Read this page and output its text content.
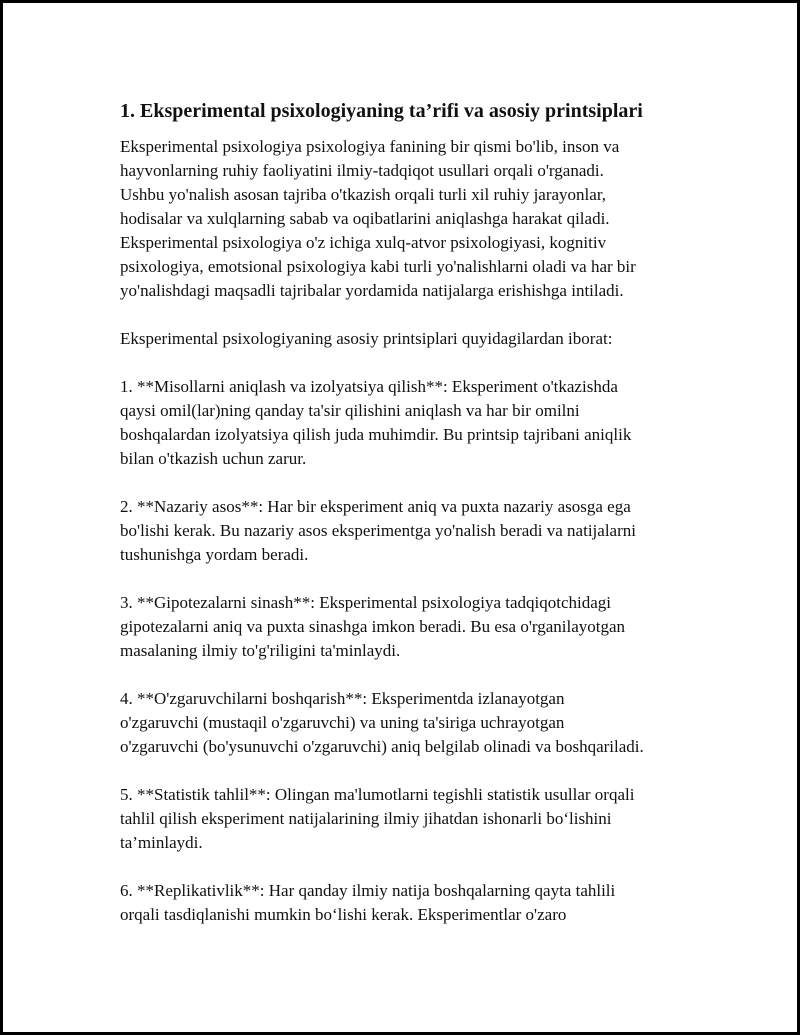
1. Eksperimental psixologiyaning ta’rifi va asosiy printsiplari

Eksperimental psixologiya psixologiya fanining bir qismi bo'lib, inson va
hayvonlarning ruhiy faoliyatini ilmiy-tadqiqot usullari orqali o'rganadi.
Ushbu yo'nalish asosan tajriba o'tkazish orqali turli xil ruhiy jarayonlar,
hodisalar va xulqlarning sabab va oqibatlarini aniqlashga harakat qiladi.
Eksperimental psixologiya o'z ichiga xulq-atvor psixologiyasi, kognitiv
psixologiya, emotsional psixologiya kabi turli yo'nalishlarni oladi va har bir
yo'nalishdagi maqsadli tajribalar yordamida natijalarga erishishga intiladi.

Eksperimental psixologiyaning asosiy printsiplari quyidagilardan iborat:

1. **Misollarni aniqlash va izolyatsiya qilish**: Eksperiment o'tkazishda
qaysi omil(lar)ning qanday ta'sir qilishini aniqlash va har bir omilni
boshqalardan izolyatsiya qilish juda muhimdir. Bu printsip tajribani aniqlik
bilan o'tkazish uchun zarur.

2. **Nazariy asos**: Har bir eksperiment aniq va puxta nazariy asosga ega
bo'lishi kerak. Bu nazariy asos eksperimentga yo'nalish beradi va natijalarni
tushunishga yordam beradi.

3. **Gipotezalarni sinash**: Eksperimental psixologiya tadqiqotchidagi
gipotezalarni aniq va puxta sinashga imkon beradi. Bu esa o'rganilayotgan
masalaning ilmiy to'g'riligini ta'minlaydi.

4. **O'zgaruvchilarni boshqarish**: Eksperimentda izlanayotgan
o'zgaruvchi (mustaqil o'zgaruvchi) va uning ta'siriga uchrayotgan
o'zgaruvchi (bo'ysunuvchi o'zgaruvchi) aniq belgilab olinadi va boshqariladi.

5. **Statistik tahlil**: Olingan ma'lumotlarni tegishli statistik usullar orqali
tahlil qilish eksperiment natijalarining ilmiy jihatdan ishonarli bo‘lishini
ta’minlaydi.

6. **Replikativlik**: Har qanday ilmiy natija boshqalarning qayta tahlili
orqali tasdiqlanishi mumkin bo‘lishi kerak. Eksperimentlar o'zaro
